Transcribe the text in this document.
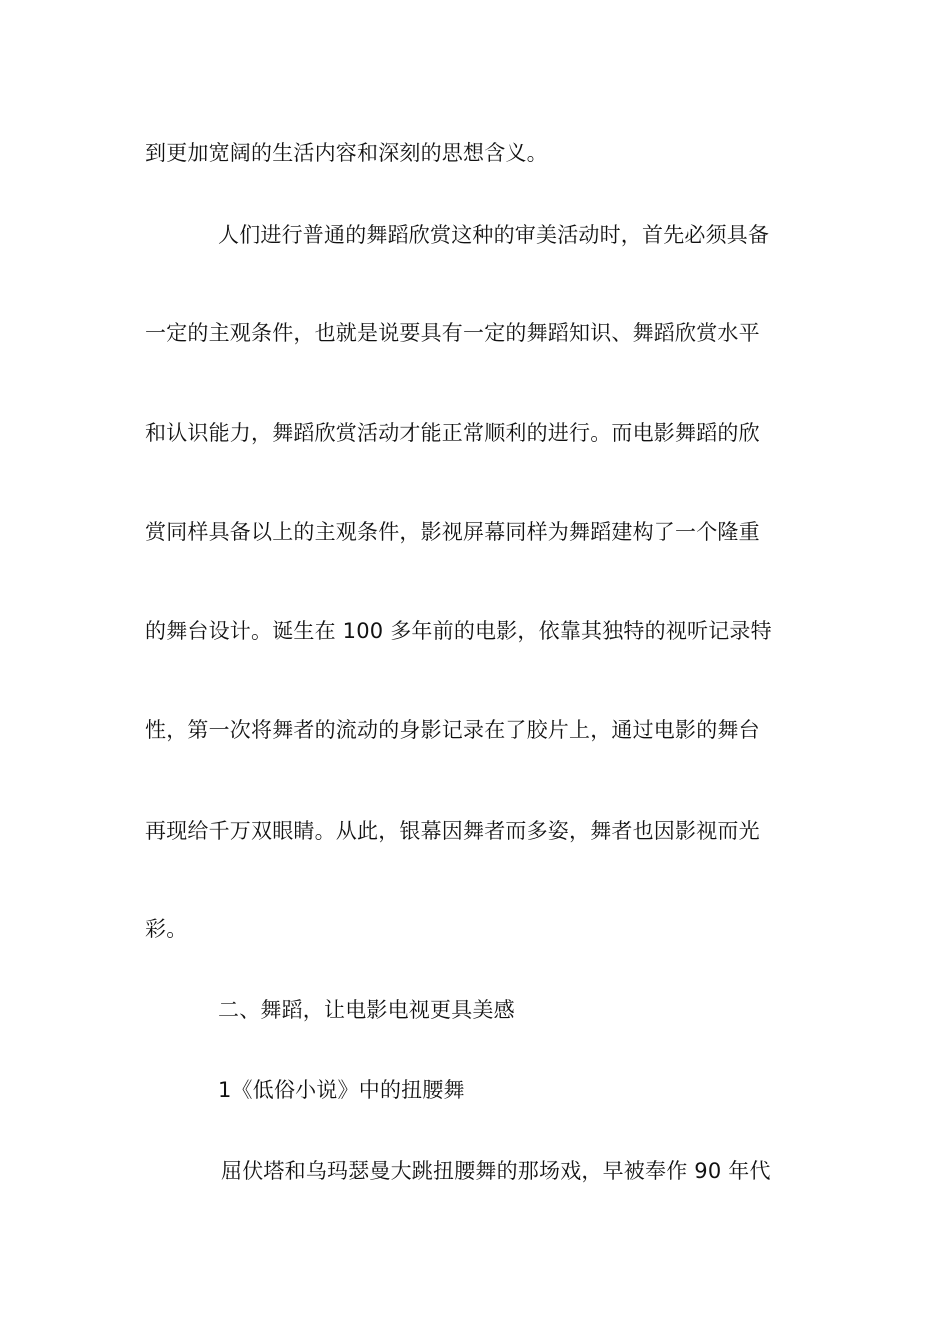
到更加宽阔的生活内容和深刻的思想含义。
人们进行普通的舞蹈欣赏这种的审美活动时，首先必须具备
一定的主观条件，也就是说要具有一定的舞蹈知识、舞蹈欣赏水平
和认识能力，舞蹈欣赏活动才能正常顺利的进行。而电影舞蹈的欣
赏同样具备以上的主观条件，影视屏幕同样为舞蹈建构了一个隆重
的舞台设计。诞生在 100 多年前的电影，依靠其独特的视听记录特
性，第一次将舞者的流动的身影记录在了胶片上，通过电影的舞台
再现给千万双眼睛。从此，银幕因舞者而多姿，舞者也因影视而光
彩。
二、舞蹈，让电影电视更具美感
1《低俗小说》中的扭腰舞
屈伏塔和乌玛瑟曼大跳扭腰舞的那场戏，早被奉作 90 年代
